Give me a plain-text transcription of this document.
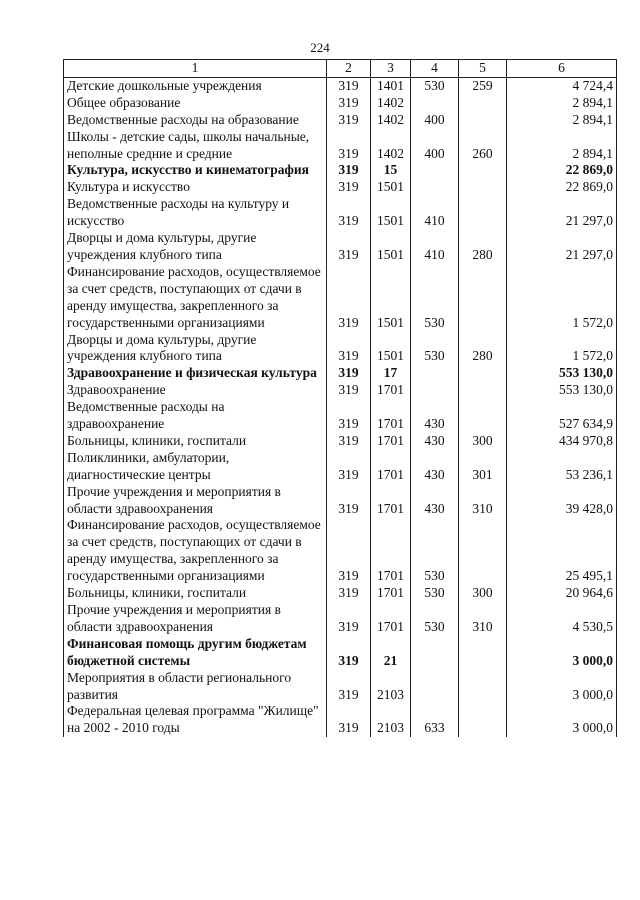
224
1	2	3	4	5	6
Детские дошкольные учреждения	319	1401	530	259	4 724,4
Общее образование	319	1402			2 894,1
Ведомственные расходы на образование	319	1402	400		2 894,1
Школы - детские сады, школы начальные, неполные средние и средние	319	1402	400	260	2 894,1
Культура, искусство и кинематография	319	15			22 869,0
Культура и искусство	319	1501			22 869,0
Ведомственные расходы на культуру и искусство	319	1501	410		21 297,0
Дворцы и дома культуры, другие учреждения клубного типа	319	1501	410	280	21 297,0
Финансирование расходов, осуществляемое за счет средств, поступающих от сдачи в аренду имущества, закрепленного за государственными организациями	319	1501	530		1 572,0
Дворцы и дома культуры, другие учреждения клубного типа	319	1501	530	280	1 572,0
Здравоохранение и физическая культура	319	17			553 130,0
Здравоохранение	319	1701			553 130,0
Ведомственные расходы на здравоохранение	319	1701	430		527 634,9
Больницы, клиники, госпитали	319	1701	430	300	434 970,8
Поликлиники, амбулатории, диагностические центры	319	1701	430	301	53 236,1
Прочие учреждения и мероприятия в области здравоохранения	319	1701	430	310	39 428,0
Финансирование расходов, осуществляемое за счет средств, поступающих от сдачи в аренду имущества, закрепленного за государственными организациями	319	1701	530		25 495,1
Больницы, клиники, госпитали	319	1701	530	300	20 964,6
Прочие учреждения и мероприятия в области здравоохранения	319	1701	530	310	4 530,5
Финансовая помощь другим бюджетам бюджетной системы	319	21			3 000,0
Мероприятия в области регионального развития	319	2103			3 000,0
Федеральная целевая программа "Жилище" на 2002 - 2010 годы	319	2103	633		3 000,0
